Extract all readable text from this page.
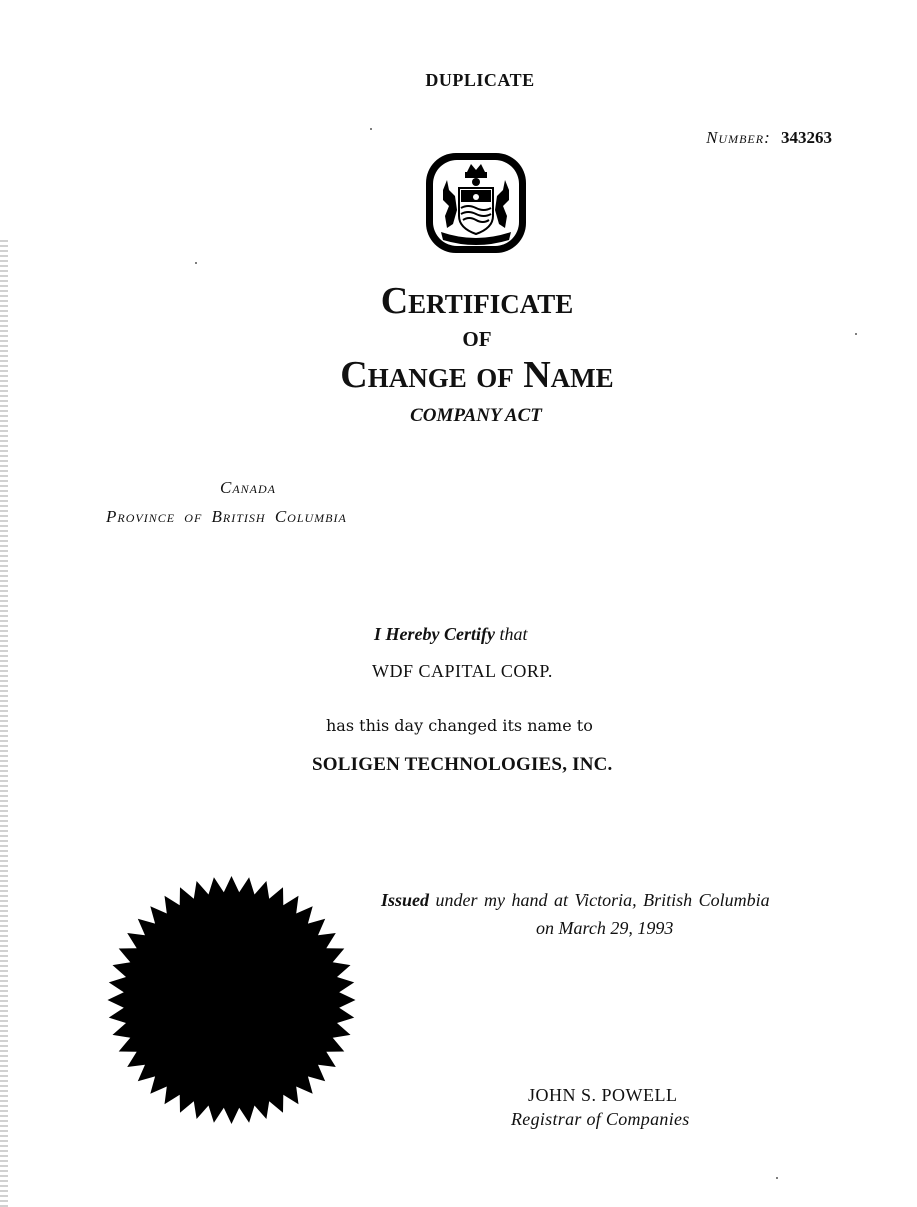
DUPLICATE
Number: 343263
Certificate
of
Change of Name
COMPANY ACT
Canada
Province of British Columbia
I Hereby Certify that
WDF CAPITAL CORP.
has this day changed its name to
SOLIGEN TECHNOLOGIES, INC.
Issued under my hand at Victoria, British Columbia
on March 29, 1993
JOHN S. POWELL
Registrar of Companies
